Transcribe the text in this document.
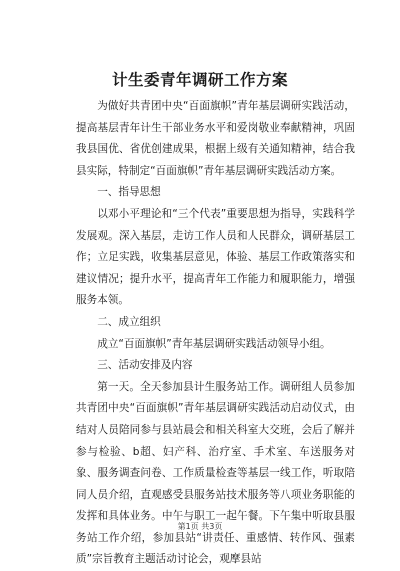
计生委青年调研工作方案

为做好共青团中央“百面旗帜”青年基层调研实践活动，提高基层青年计生干部业务水平和爱岗敬业奉献精神，巩固我县国优、省优创建成果，根据上级有关通知精神，结合我县实际，特制定“百面旗帜”青年基层调研实践活动方案。

一、指导思想

以邓小平理论和“三个代表”重要思想为指导，实践科学发展观。深入基层，走访工作人员和人民群众，调研基层工作；立足实践，收集基层意见，体验、基层工作政策落实和建议情况；提升水平，提高青年工作能力和履职能力，增强服务本领。

二、成立组织

成立“百面旗帜”青年基层调研实践活动领导小组。

三、活动安排及内容

第一天。全天参加县计生服务站工作。调研组人员参加共青团中央“百面旗帜”青年基层调研实践活动启动仪式，由结对人员陪同参与县站晨会和相关科室大交班，会后了解并参与检验、b超、妇产科、治疗室、手术室、车送服务对象、服务调查问卷、工作质量检查等基层一线工作，听取陪同人员介绍，直观感受县服务站技术服务等八项业务职能的发挥和具体业务。中午与职工一起午餐。下午集中听取县服务站工作介绍，参加县站“讲责任、重感情、转作风、强素质”宗旨教育主题活动讨论会，观摩县站

第1页 共3页
